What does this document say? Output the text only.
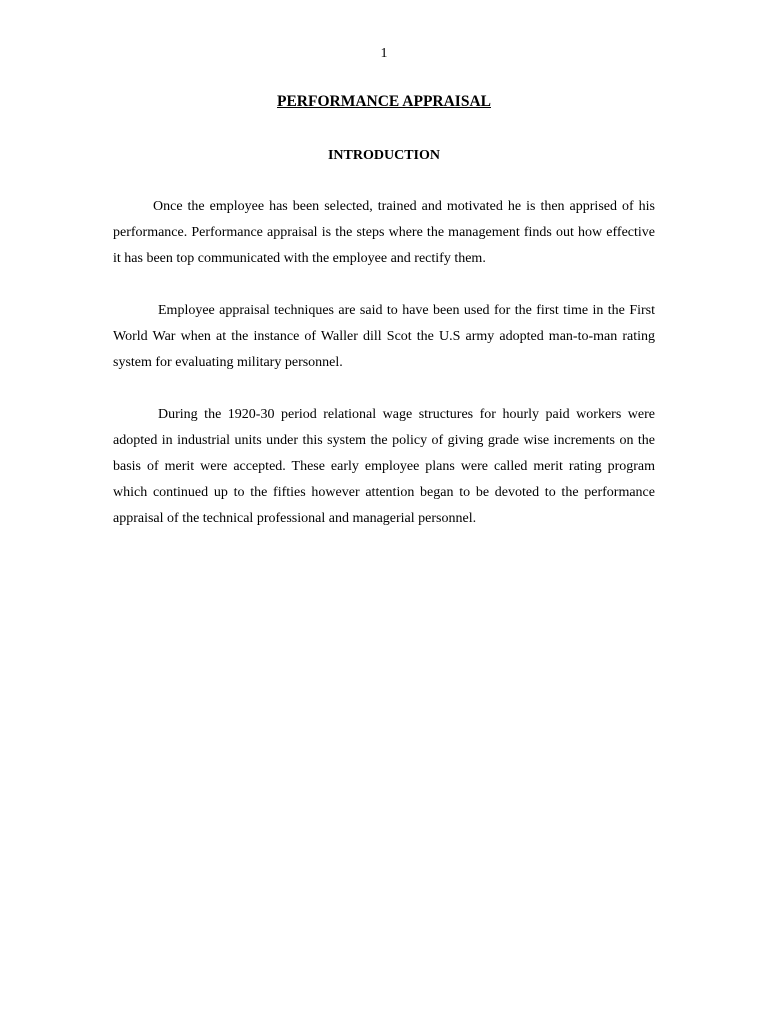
1
PERFORMANCE APPRAISAL
INTRODUCTION

Once the employee has been selected, trained and motivated he is then apprised of his performance. Performance appraisal is the steps where the management finds out how effective it has been top communicated with the employee and rectify them.

Employee appraisal techniques are said to have been used for the first time in the First World War when at the instance of Waller dill Scot the U.S army adopted man-to-man rating system for evaluating military personnel.

During the 1920-30 period relational wage structures for hourly paid workers were adopted in industrial units under this system the policy of giving grade wise increments on the basis of merit were accepted. These early employee plans were called merit rating program which continued up to the fifties however attention began to be devoted to the performance appraisal of the technical professional and managerial personnel.
